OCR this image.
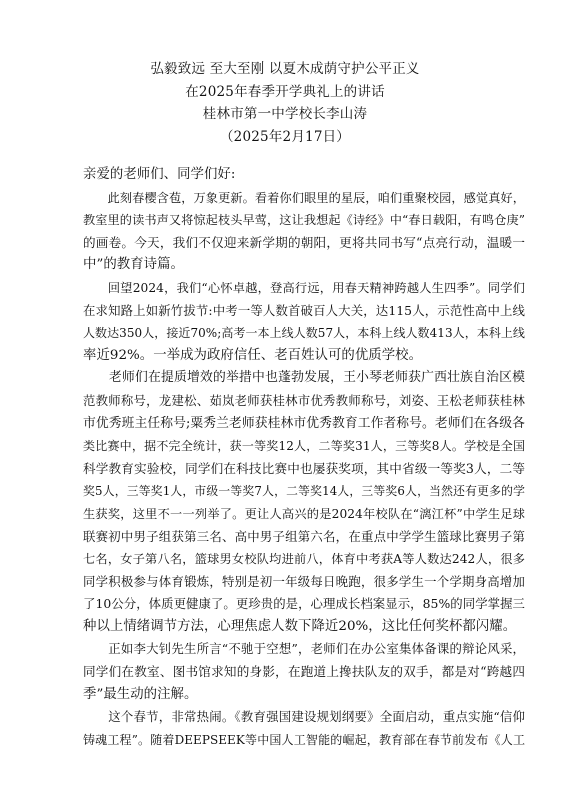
弘毅致远 至大至刚 以夏木成荫守护公平正义
在2025年春季开学典礼上的讲话
桂林市第一中学校长李山涛
（2025年2月17日）
亲爱的老师们、同学们好:
　　此刻春樱含苞，万象更新。看着你们眼里的星辰，咱们重聚校园，感觉真好，
教室里的读书声又将惊起枝头早莺，这让我想起《诗经》中“春日载阳，有鸣仓庚”
的画卷。今天，我们不仅迎来新学期的朝阳，更将共同书写“点亮行动，温暖一
中”的教育诗篇。
　　回望2024，我们“心怀卓越，登高行远，用春天精神跨越人生四季”。同学们
在求知路上如新竹拔节:中考一等人数首破百人大关，达115人，示范性高中上线
人数达350人，接近70%;高考一本上线人数57人，本科上线人数413人，本科上线
率近92%。一举成为政府信任、老百姓认可的优质学校。
　　老师们在提质增效的举措中也蓬勃发展，王小琴老师获广西壮族自治区模
范教师称号，龙建松、茹岚老师获桂林市优秀教师称号，刘姿、王松老师获桂林
市优秀班主任称号;粟秀兰老师获桂林市优秀教育工作者称号。老师们在各级各
类比赛中，据不完全统计，获一等奖12人，二等奖31人，三等奖8人。学校是全国
科学教育实验校，同学们在科技比赛中也屡获奖项，其中省级一等奖3人，二等
奖5人，三等奖1人，市级一等奖7人，二等奖14人，三等奖6人，当然还有更多的学
生获奖，这里不一一列举了。更让人高兴的是2024年校队在“漓江杯”中学生足球
联赛初中男子组获第三名、高中男子组第六名，在重点中学学生篮球比赛男子第
七名，女子第八名，篮球男女校队均进前八，体育中考获A等人数达242人，很多
同学积极参与体育锻炼，特别是初一年级每日晚跑，很多学生一个学期身高增加
了10公分，体质更健康了。更珍贵的是，心理成长档案显示，85%的同学掌握三
种以上情绪调节方法，心理焦虑人数下降近20%，这比任何奖杯都闪耀。
　　正如李大钊先生所言“不驰于空想”，老师们在办公室集体备课的辩论风采，
同学们在教室、图书馆求知的身影，在跑道上搀扶队友的双手，都是对“跨越四
季”最生动的注解。
　　这个春节，非常热闹。《教育强国建设规划纲要》全面启动，重点实施“信仰
铸魂工程”。随着DEEPSEEK等中国人工智能的崛起，教育部在春节前发布《人工
